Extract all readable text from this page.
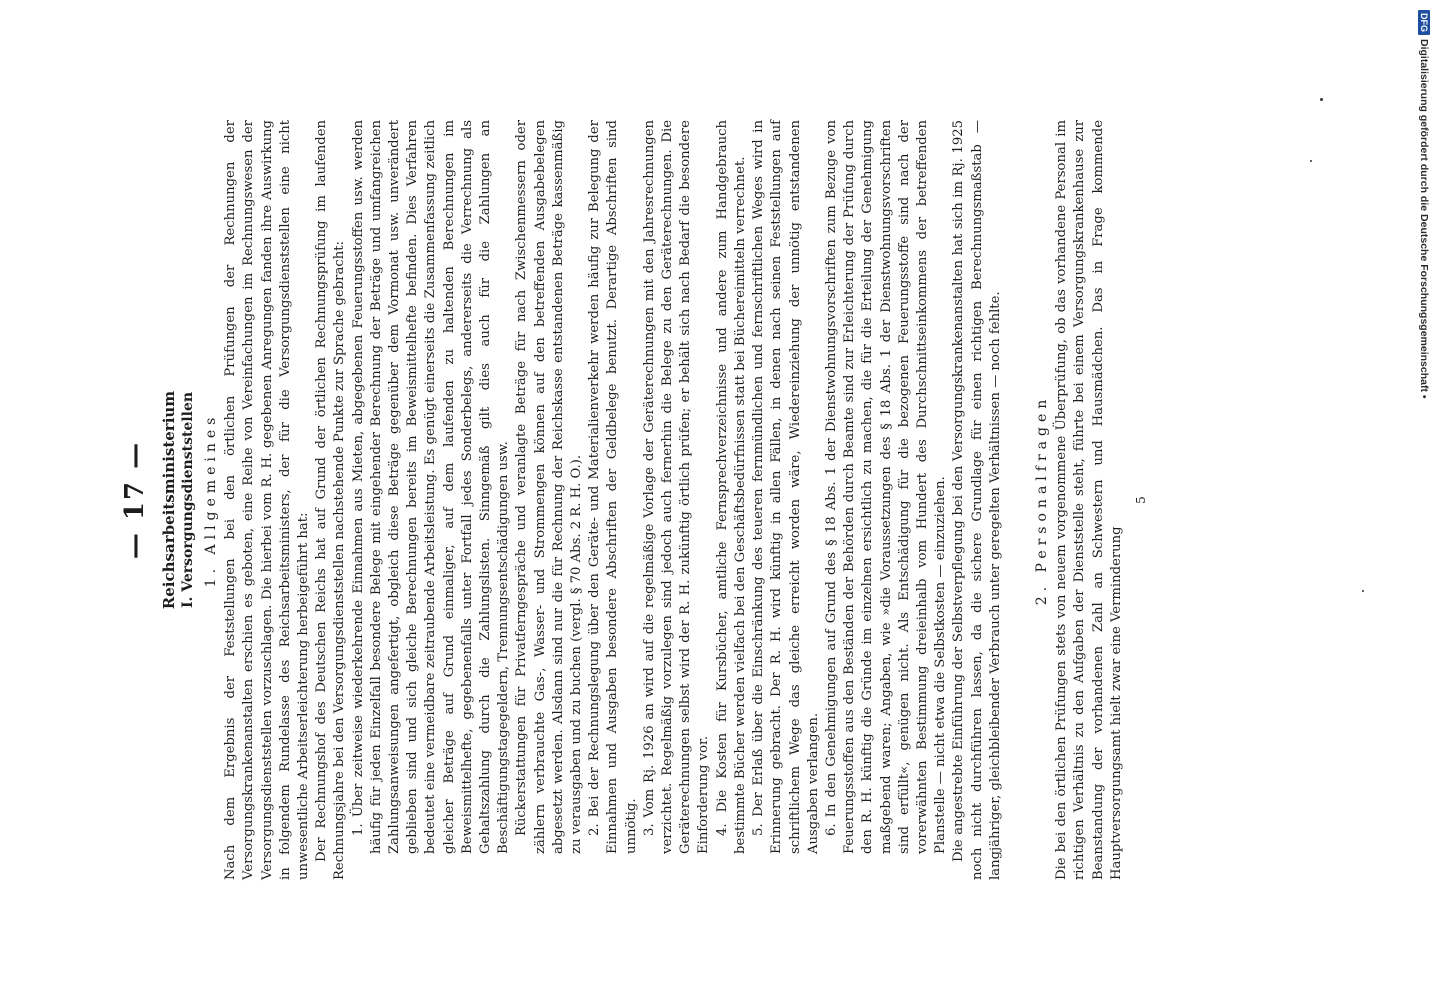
— 17 — Reichsarbeitsministerium I. Versorgungsdienststellen 1. Allgemeines Nach dem Ergebnis der Feststellungen bei den örtlichen Prüfungen der Rechnungen der Versorgungskrankenanstalten erschien es geboten, eine Reihe von Vereinfachungen im Rechnungswesen der Versorgungsdienststellen vorzuschlagen. Die hierbei vom R. H. gegebenen Anregungen fanden ihre Auswirkung in folgendem Rundelasse des Reichsarbeitsministers, der für die Versorgungsdienststellen eine nicht unwesentliche Arbeitserleichterung herbeigeführt hat: Der Rechnungshof des Deutschen Reichs hat auf Grund der örtlichen Rechnungsprüfung im laufenden Rechnungsjahre bei den Versorgungsdienststellen nachstehende Punkte zur Sprache gebracht: 1. Über zeitweise wiederkehrende Einnahmen aus Mieten, abgegebenen Feuerungsstoffen usw. werden häufig für jeden Einzelfall besondere Belege mit eingehender Berechnung der Beträge und umfangreichen Zahlungsanweisungen angefertigt, obgleich diese Beträge gegenüber dem Vormonat usw. unverändert geblieben sind und sich gleiche Berechnungen bereits im Beweismittelhefte befinden. Dies Verfahren bedeutet eine vermeidbare zeitraubende Arbeitsleistung. Es genügt einerseits die Zusammenfassung zeitlich gleicher Beträge auf Grund einmaliger, auf dem laufenden zu haltenden Berechnungen im Beweismittelhefte, gegebenenfalls unter Fortfall jedes Sonderbelegs, andererseits die Verrechnung als Gehaltszahlung durch die Zahlungslisten. Sinngemäß gilt dies auch für die Zahlungen an Beschäftigungstagegeldern, Trennungsentschädigungen usw. Rückerstattungen für Privatferngespräche und veranlagte Beträge für nach Zwischenmessern oder zählern verbrauchte Gas-, Wasser- und Strommengen können auf den betreffenden Ausgabebelegen abgesetzt werden. Alsdann sind nur die für Rechnung der Reichskasse entstandenen Beträge kassenmäßig zu verausgaben und zu buchen (vergl. § 70 Abs. 2 R. H. O.). 2. Bei der Rechnungslegung über den Geräte- und Materialienverkehr werden häufig zur Belegung der Einnahmen und Ausgaben besondere Abschriften der Geldbelege benutzt. Derartige Abschriften sind unnötig. 3. Vom Rj. 1926 an wird auf die regelmäßige Vorlage der Geräterechnungen mit den Jahresrechnungen verzichtet. Regelmäßig vorzulegen sind jedoch auch fernerhin die Belege zu den Geräterechnungen. Die Geräterechnungen selbst wird der R. H. zukünftig örtlich prüfen; er behält sich nach Bedarf die besondere Einforderung vor. 4. Die Kosten für Kursbücher, amtliche Fernsprechverzeichnisse und andere zum Handgebrauch bestimmte Bücher werden vielfach bei den Geschäftsbedürfnissen statt bei Büchereimitteln verrechnet. 5. Der Erlaß über die Einschränkung des teueren fernmündlichen und fernschriftlichen Weges wird in Erinnerung gebracht. Der R. H. wird künftig in allen Fällen, in denen nach seinen Feststellungen auf schriftlichem Wege das gleiche erreicht worden wäre, Wiedereinziehung der unnötig entstandenen Ausgaben verlangen. 6. In den Genehmigungen auf Grund des § 18 Abs. 1 der Dienstwohnungsvorschriften zum Bezuge von Feuerungsstoffen aus den Beständen der Behörden durch Beamte sind zur Erleichterung der Prüfung durch den R. H. künftig die Gründe im einzelnen ersichtlich zu machen, die für die Erteilung der Genehmigung maßgebend waren; Angaben, wie »die Voraussetzungen des § 18 Abs. 1 der Dienstwohnungsvorschriften sind erfüllt«, genügen nicht. Als Entschädigung für die bezogenen Feuerungsstoffe sind nach der vorerwähnten Bestimmung dreieinhalb vom Hundert des Durchschnittseinkommens der betreffenden Planstelle — nicht etwa die Selbstkosten — einzuziehen. Die angestrebte Einführung der Selbstverpflegung bei den Versorgungskrankenanstalten hat sich im Rj. 1925 noch nicht durchführen lassen, da die sichere Grundlage für einen richtigen Berechnungsmaßstab — langjähriger, gleichbleibender Verbrauch unter geregelten Verhältnissen — noch fehlte. 2. Personalfragen Die bei den örtlichen Prüfungen stets von neuem vorgenommene Überprüfung, ob das vorhandene Personal im richtigen Verhältnis zu den Aufgaben der Dienststelle steht, führte bei einem Versorgungskrankenhause zur Beanstandung der vorhandenen Zahl an Schwestern und Hausmädchen. Das in Frage kommende Hauptversorgungsamt hielt zwar eine Verminderung

5
DFGDigitalisierung gefördert durch die Deutsche Forschungsgemeinschaft •
